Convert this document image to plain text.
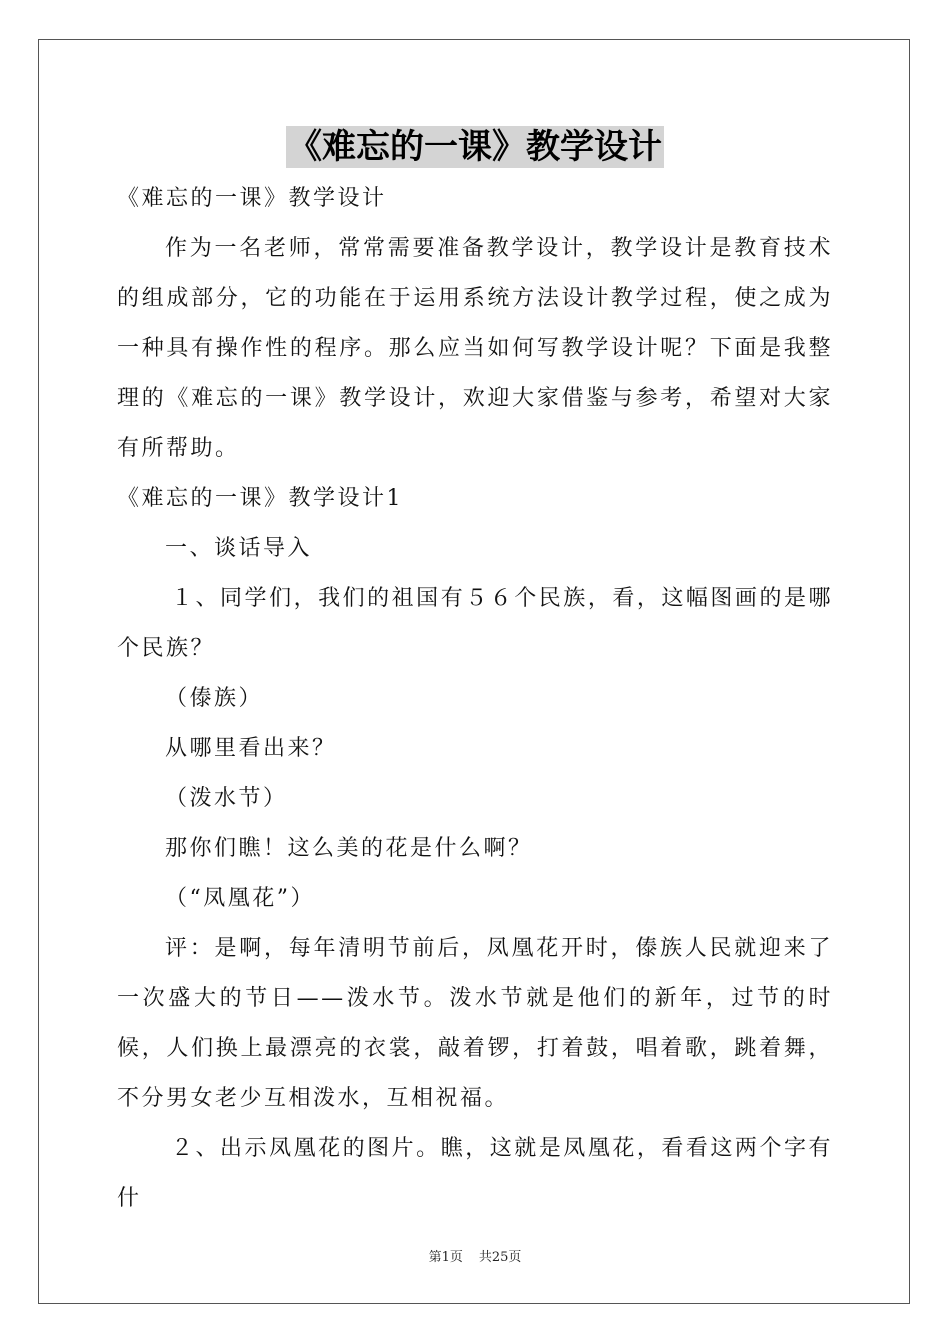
《难忘的一课》教学设计

《难忘的一课》教学设计

作为一名老师，常常需要准备教学设计，教学设计是教育技术的组成部分，它的功能在于运用系统方法设计教学过程，使之成为一种具有操作性的程序。那么应当如何写教学设计呢？下面是我整理的《难忘的一课》教学设计，欢迎大家借鉴与参考，希望对大家有所帮助。

《难忘的一课》教学设计1

一、谈话导入

１、同学们，我们的祖国有５６个民族，看，这幅图画的是哪个民族？

（傣族）

从哪里看出来？

（泼水节）

那你们瞧！这么美的花是什么啊？

（“凤凰花”）

评：是啊，每年清明节前后，凤凰花开时，傣族人民就迎来了一次盛大的节日——泼水节。泼水节就是他们的新年，过节的时候，人们换上最漂亮的衣裳，敲着锣，打着鼓，唱着歌，跳着舞，不分男女老少互相泼水，互相祝福。

２、出示凤凰花的图片。瞧，这就是凤凰花，看看这两个字有什

第1页 共25页
